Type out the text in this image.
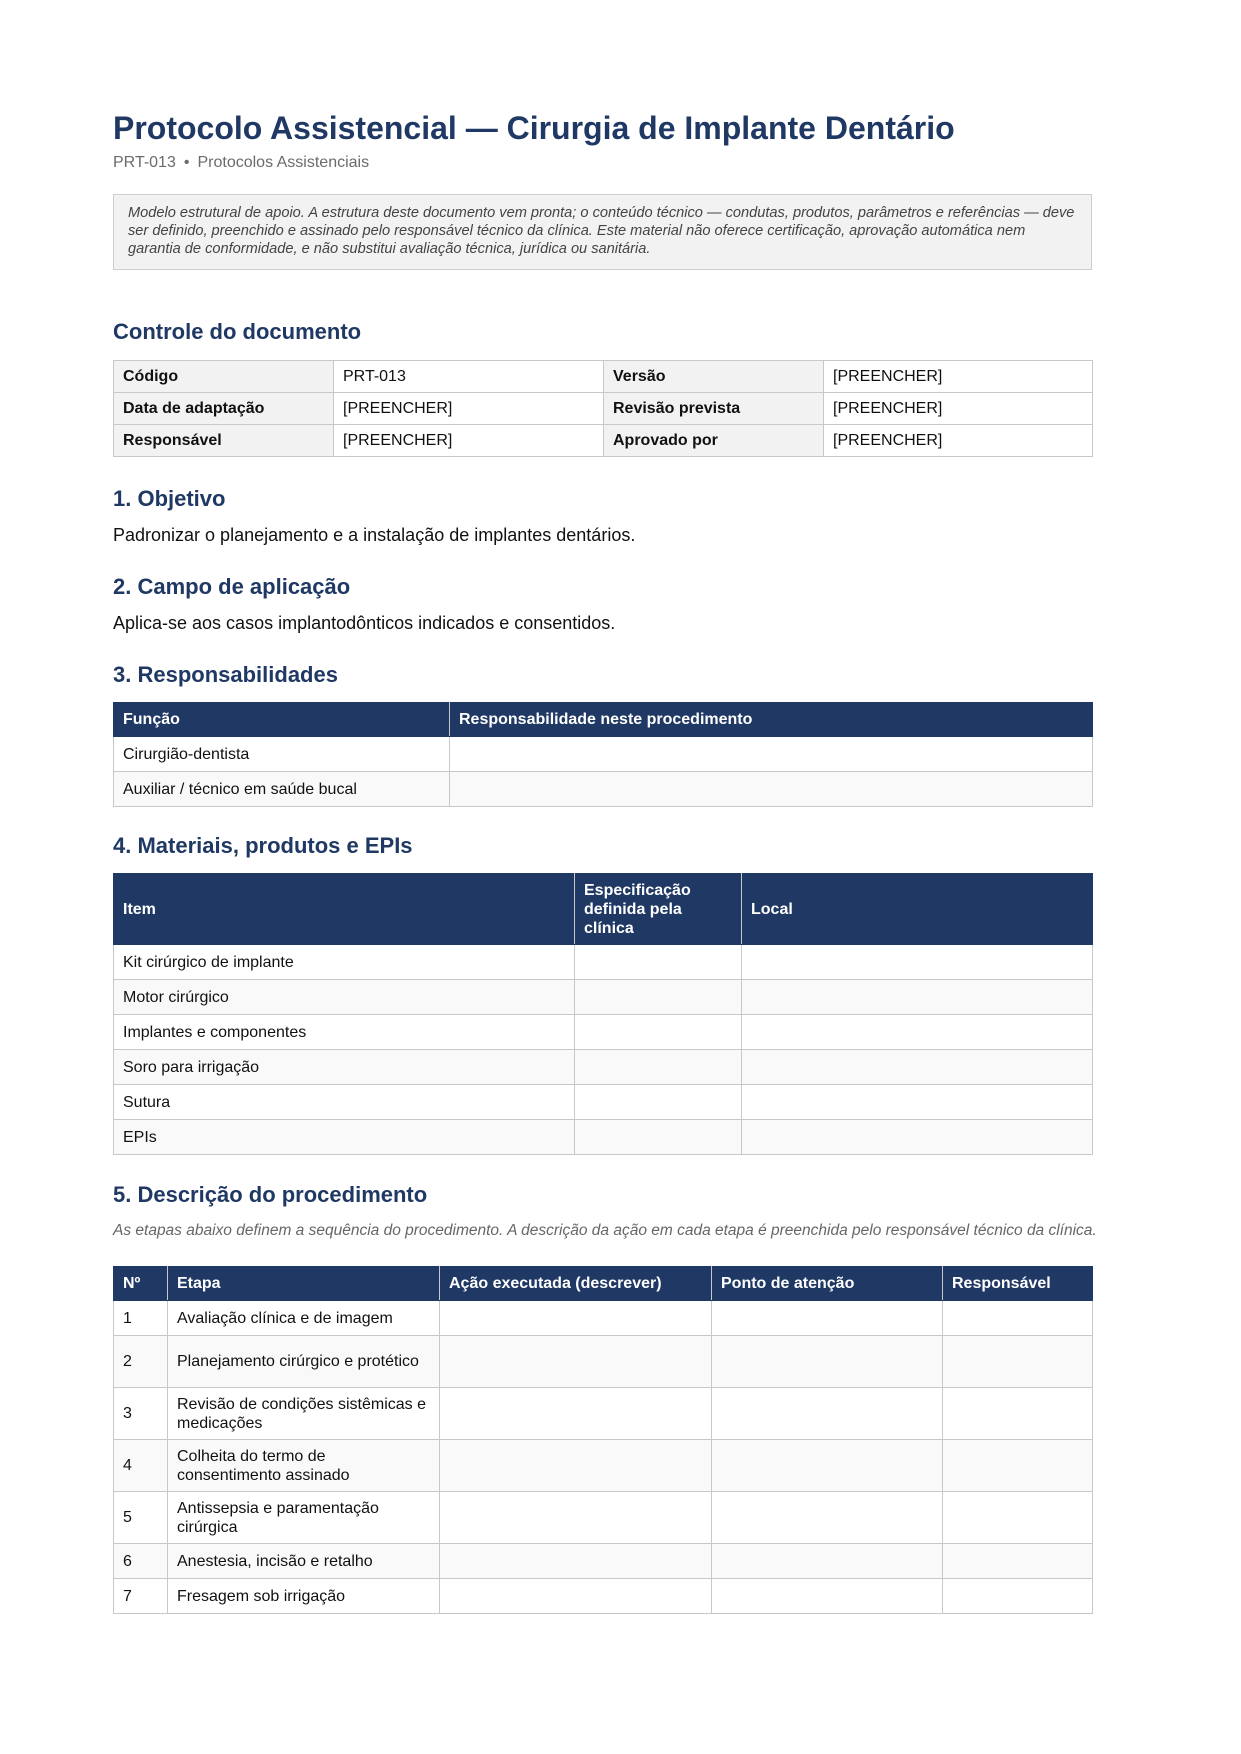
Protocolo Assistencial — Cirurgia de Implante Dentário
PRT-013 • Protocolos Assistenciais
Modelo estrutural de apoio. A estrutura deste documento vem pronta; o conteúdo técnico — condutas, produtos, parâmetros e referências — deve ser definido, preenchido e assinado pelo responsável técnico da clínica. Este material não oferece certificação, aprovação automática nem garantia de conformidade, e não substitui avaliação técnica, jurídica ou sanitária.
Controle do documento
Código	PRT-013	Versão	[PREENCHER]
Data de adaptação	[PREENCHER]	Revisão prevista	[PREENCHER]
Responsável	[PREENCHER]	Aprovado por	[PREENCHER]
1. Objetivo

Padronizar o planejamento e a instalação de implantes dentários.

2. Campo de aplicação

Aplica-se aos casos implantodônticos indicados e consentidos.

3. Responsabilidades
Função	Responsabilidade neste procedimento
Cirurgião-dentista	
Auxiliar / técnico em saúde bucal	
4. Materiais, produtos e EPIs
Item	Especificação definida pela clínica	Local
Kit cirúrgico de implante		
Motor cirúrgico		
Implantes e componentes		
Soro para irrigação		
Sutura		
EPIs		
5. Descrição do procedimento

As etapas abaixo definem a sequência do procedimento. A descrição da ação em cada etapa é preenchida pelo responsável técnico da clínica.

Nº	Etapa	Ação executada (descrever)	Ponto de atenção	Responsável
1	Avaliação clínica e de imagem			
2	Planejamento cirúrgico e protético			
3	Revisão de condições sistêmicas e medicações			
4	Colheita do termo de consentimento assinado			
5	Antissepsia e paramentação cirúrgica			
6	Anestesia, incisão e retalho			
7	Fresagem sob irrigação			
